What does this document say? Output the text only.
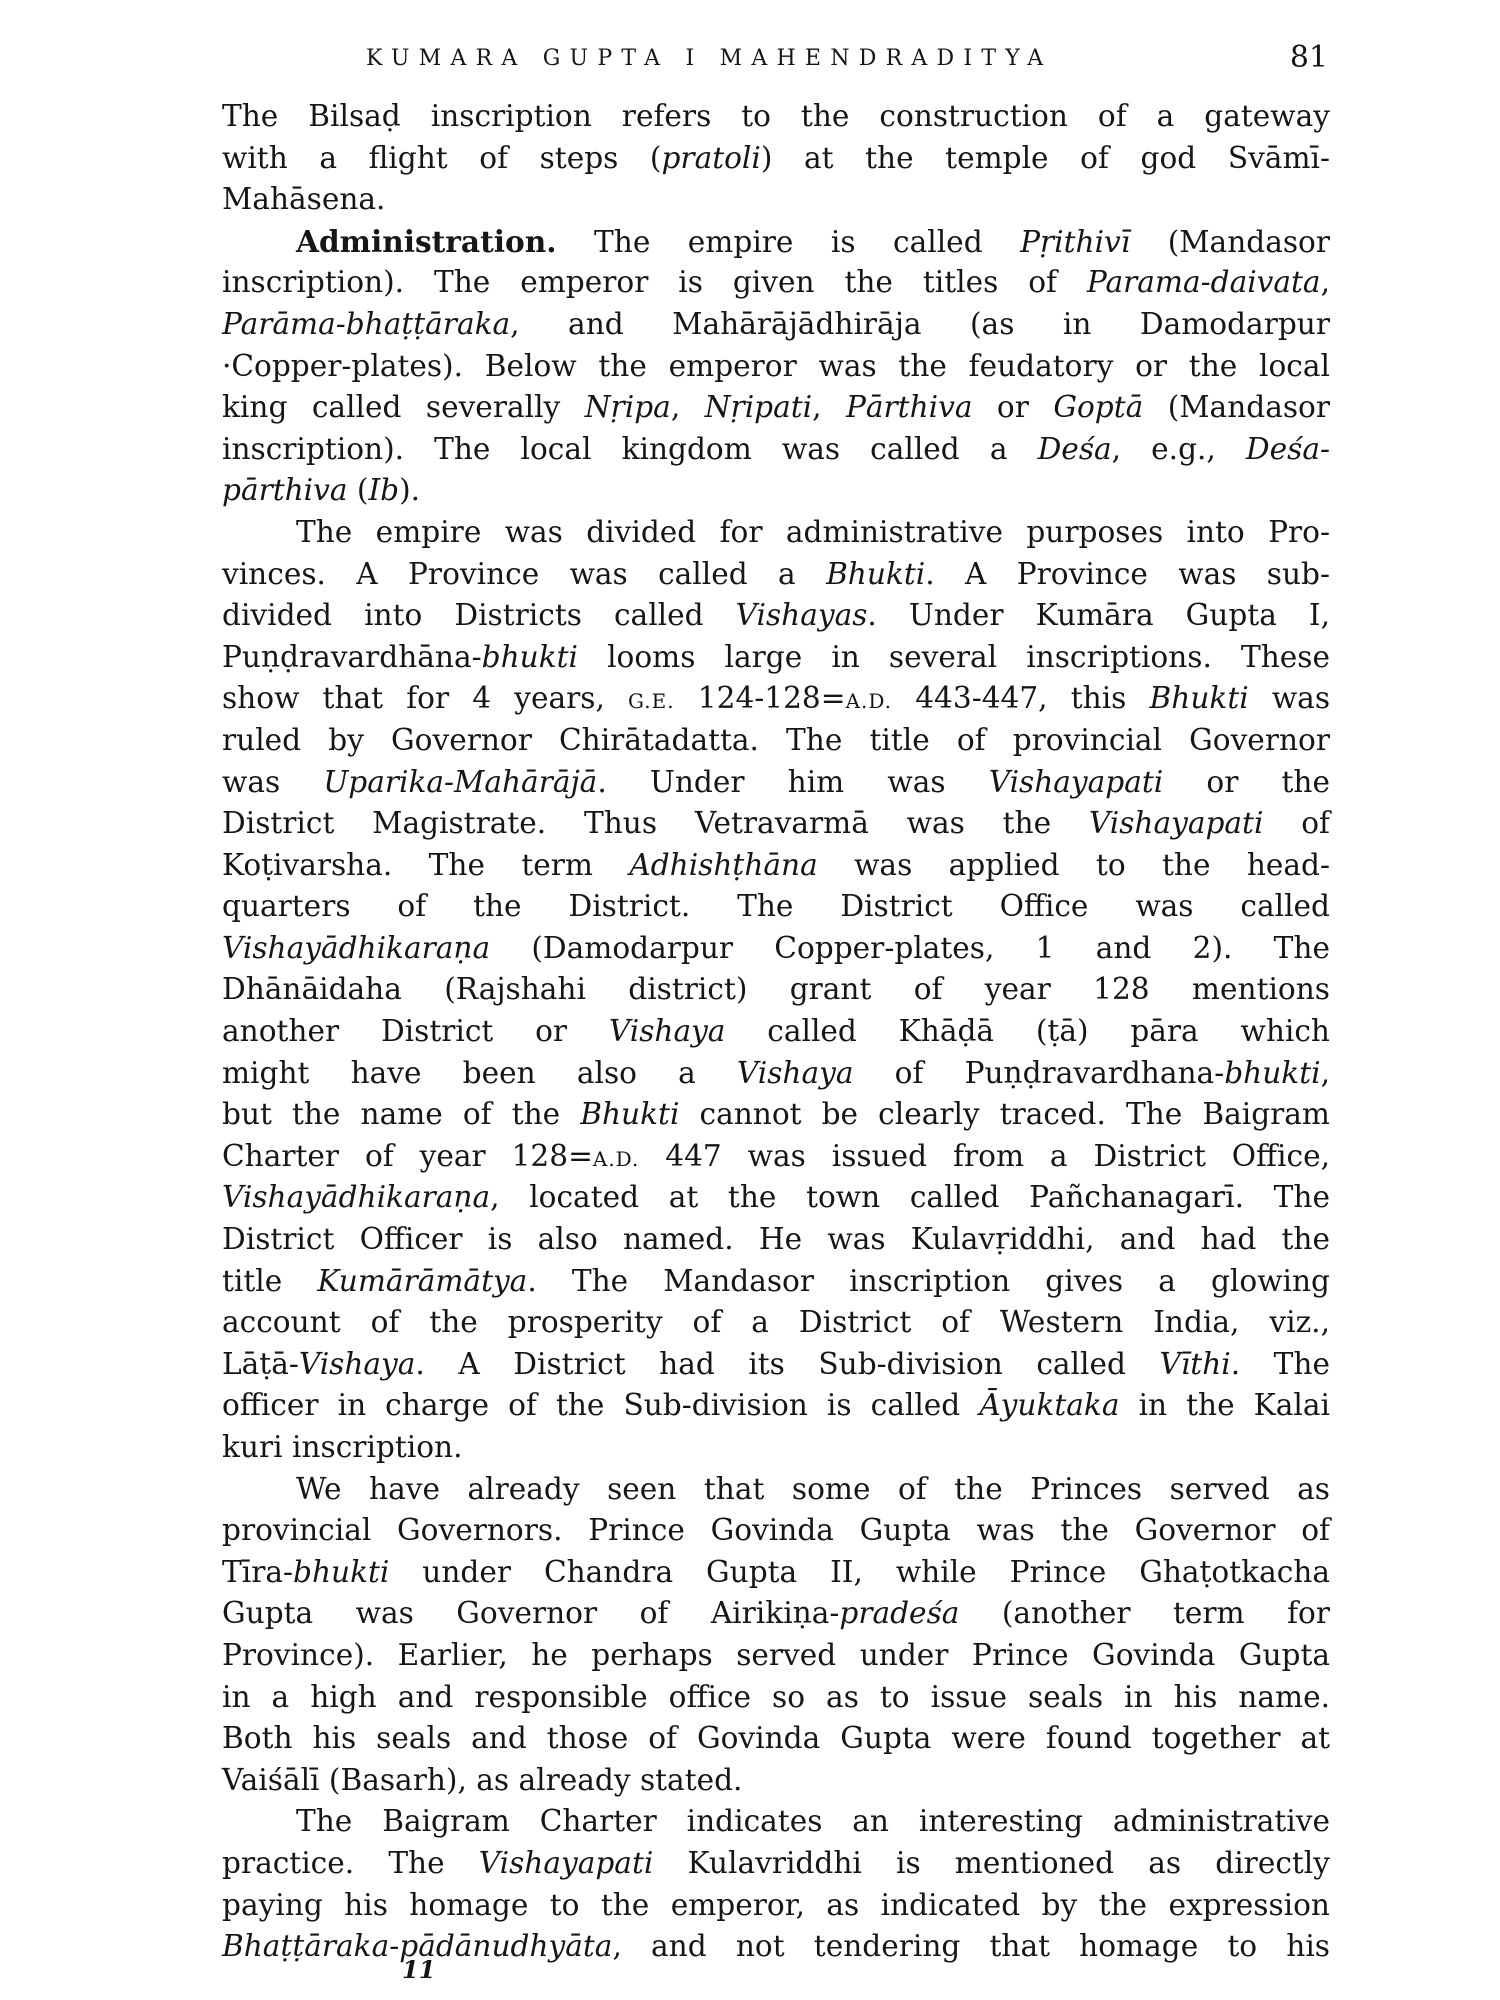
KUMARA GUPTA I MAHENDRADITYA	81
The Bilsaḍ inscription refers to the construction of a gateway
with a flight of steps (pratoli) at the temple of god Svāmī-
Mahāsena.
Administration. The empire is called Pṛithivī (Mandasor
inscription). The emperor is given the titles of Parama-daivata,
Parāma-bhaṭṭāraka, and Mahārājādhirāja (as in Damodarpur
·Copper-plates). Below the emperor was the feudatory or the local
king called severally Nṛipa, Nṛipati, Pārthiva or Goptā (Mandasor
inscription). The local kingdom was called a Deśa, e.g., Deśa-
pārthiva (Ib).
The empire was divided for administrative purposes into Pro-
vinces. A Province was called a Bhukti. A Province was sub-
divided into Districts called Vishayas. Under Kumāra Gupta I,
Puṇḍravardhāna-bhukti looms large in several inscriptions. These
show that for 4 years, G.E. 124-128=A.D. 443-447, this Bhukti was
ruled by Governor Chirātadatta. The title of provincial Governor
was Uparika-Mahārājā. Under him was Vishayapati or the
District Magistrate. Thus Vetravarmā was the Vishayapati of
Koṭivarsha. The term Adhishṭhāna was applied to the head-
quarters of the District. The District Office was called
Vishayādhikaraṇa (Damodarpur Copper-plates, 1 and 2). The
Dhānāidaha (Rajshahi district) grant of year 128 mentions
another District or Vishaya called Khāḍā (ṭā) pāra which
might have been also a Vishaya of Puṇḍravardhana-bhukti,
but the name of the Bhukti cannot be clearly traced. The Baigram
Charter of year 128=A.D. 447 was issued from a District Office,
Vishayādhikaraṇa, located at the town called Pañchanagarī. The
District Officer is also named. He was Kulavṛiddhi, and had the
title Kumārāmātya. The Mandasor inscription gives a glowing
account of the prosperity of a District of Western India, viz.,
Lāṭā-Vishaya. A District had its Sub-division called Vīthi. The
officer in charge of the Sub-division is called Āyuktaka in the Kalai
kuri inscription.
We have already seen that some of the Princes served as
provincial Governors. Prince Govinda Gupta was the Governor of
Tīra-bhukti under Chandra Gupta II, while Prince Ghaṭotkacha
Gupta was Governor of Airikiṇa-pradeśa (another term for
Province). Earlier, he perhaps served under Prince Govinda Gupta
in a high and responsible office so as to issue seals in his name.
Both his seals and those of Govinda Gupta were found together at
Vaiśālī (Basarh), as already stated.
The Baigram Charter indicates an interesting administrative
practice. The Vishayapati Kulavriddhi is mentioned as directly
paying his homage to the emperor, as indicated by the expression
Bhaṭṭāraka-pādānudhyāta, and not tendering that homage to his
11
